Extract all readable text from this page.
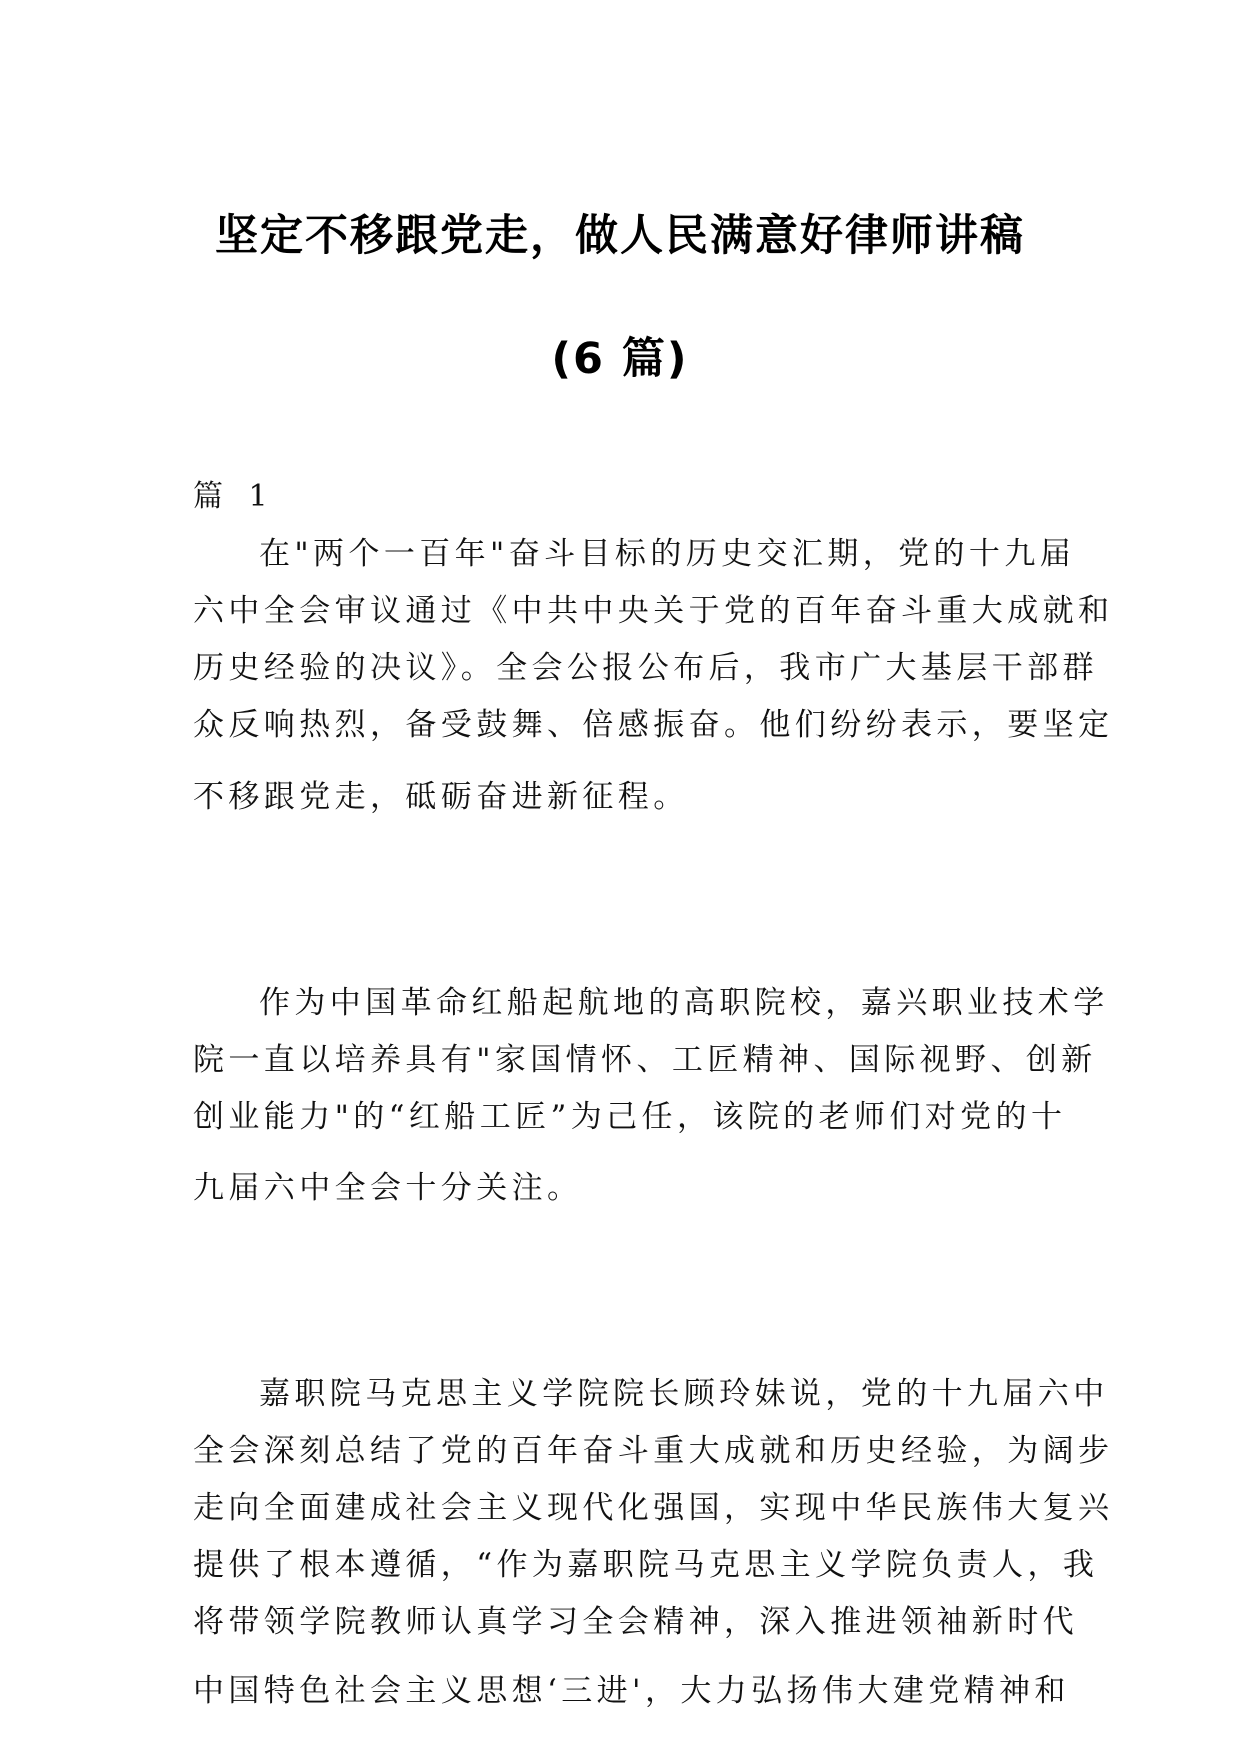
坚定不移跟党走，做人民满意好律师讲稿
(6 篇)
篇 1
在"两个一百年"奋斗目标的历史交汇期，党的十九届
六中全会审议通过《中共中央关于党的百年奋斗重大成就和
历史经验的决议》。全会公报公布后，我市广大基层干部群
众反响热烈，备受鼓舞、倍感振奋。他们纷纷表示，要坚定
不移跟党走，砥砺奋进新征程。
作为中国革命红船起航地的高职院校，嘉兴职业技术学
院一直以培养具有"家国情怀、工匠精神、国际视野、创新
创业能力"的“红船工匠”为己任，该院的老师们对党的十
九届六中全会十分关注。
嘉职院马克思主义学院院长顾玲妹说，党的十九届六中
全会深刻总结了党的百年奋斗重大成就和历史经验，为阔步
走向全面建成社会主义现代化强国，实现中华民族伟大复兴
提供了根本遵循，“作为嘉职院马克思主义学院负责人，我
将带领学院教师认真学习全会精神，深入推进领袖新时代
中国特色社会主义思想‘三进'，大力弘扬伟大建党精神和
